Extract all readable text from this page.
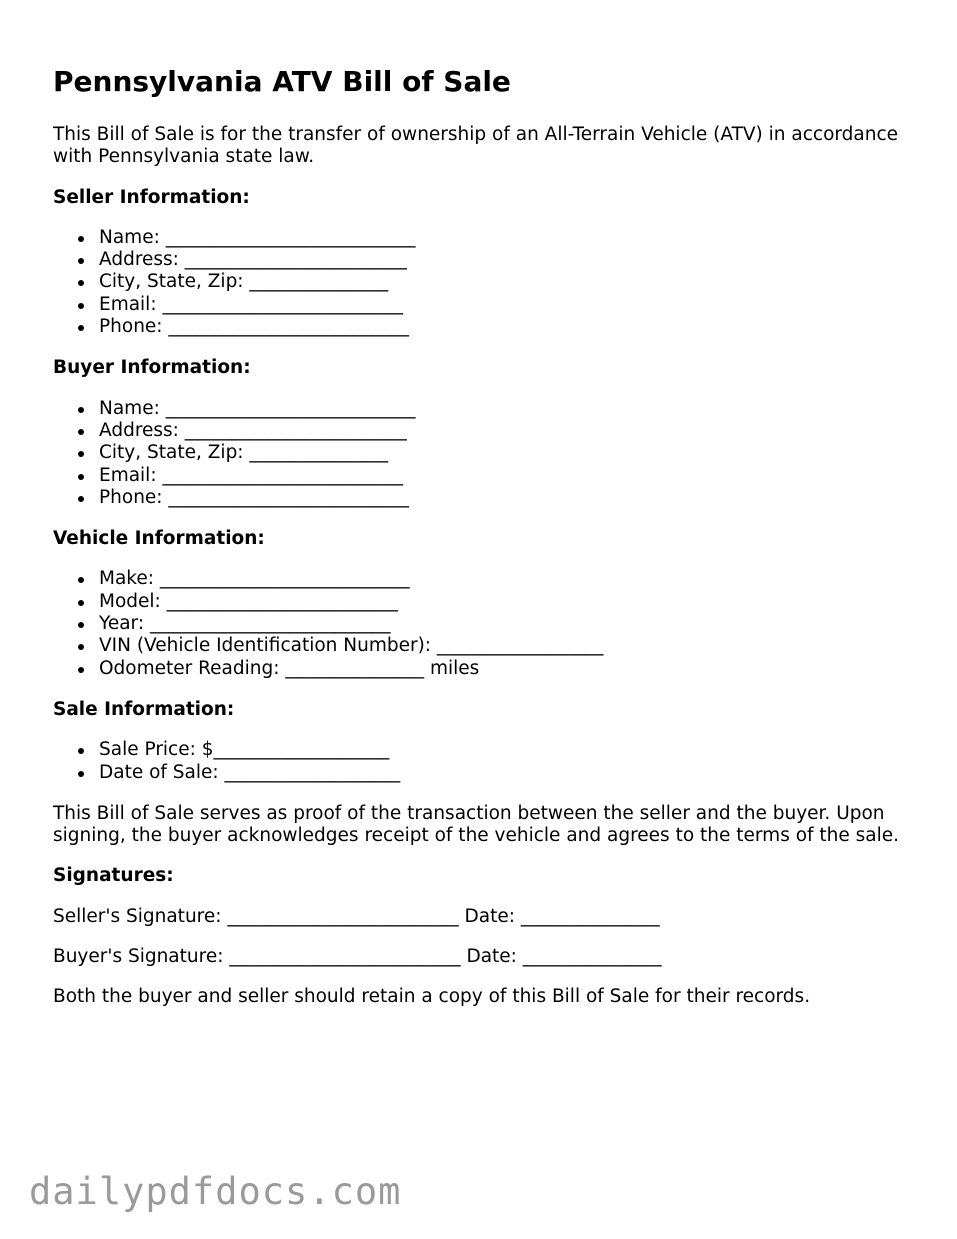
Pennsylvania ATV Bill of Sale

This Bill of Sale is for the transfer of ownership of an All-Terrain Vehicle (ATV) in accordance with Pennsylvania state law.

Seller Information:
Name: ___________________________
Address: ________________________
City, State, Zip: _______________
Email: __________________________
Phone: __________________________
Buyer Information:
Name: ___________________________
Address: ________________________
City, State, Zip: _______________
Email: __________________________
Phone: __________________________
Vehicle Information:
Make: ___________________________
Model: _________________________
Year: __________________________
VIN (Vehicle Identification Number): __________________
Odometer Reading: _______________ miles
Sale Information:
Sale Price: $___________________
Date of Sale: ___________________

This Bill of Sale serves as proof of the transaction between the seller and the buyer. Upon signing, the buyer acknowledges receipt of the vehicle and agrees to the terms of the sale.

Signatures:

Seller's Signature: _________________________ Date: _______________

Buyer's Signature: _________________________ Date: _______________

Both the buyer and seller should retain a copy of this Bill of Sale for their records.

dailypdfdocs.com
